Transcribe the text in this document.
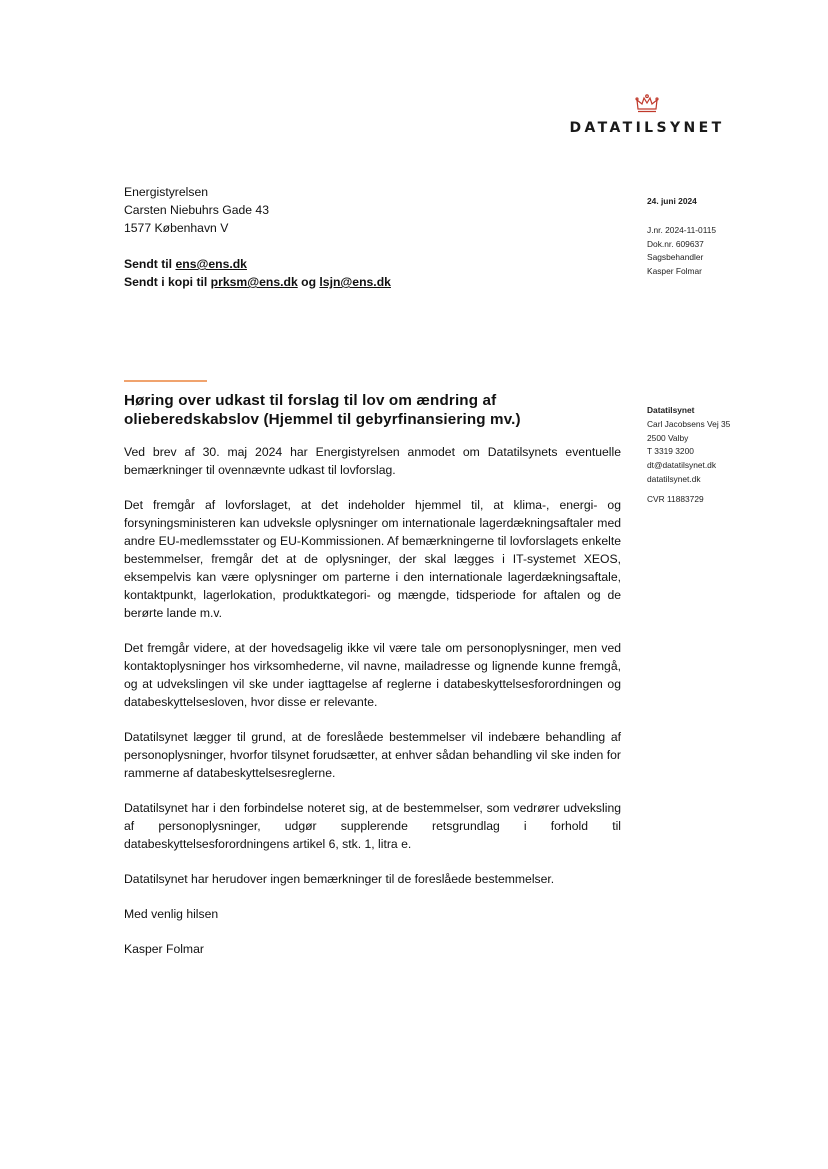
DATATILSYNET
Energistyrelsen
Carsten Niebuhrs Gade 43
1577 København V
Sendt til ens@ens.dk
Sendt i kopi til prksm@ens.dk og lsjn@ens.dk
24. juni 2024
J.nr. 2024-11-0115
Dok.nr. 609637
Sagsbehandler
Kasper Folmar
Datatilsynet
Carl Jacobsens Vej 35
2500 Valby
T 3319 3200
dt@datatilsynet.dk
datatilsynet.dk
CVR 11883729
Høring over udkast til forslag til lov om ændring af olieberedskabslov (Hjemmel til gebyrfinansiering mv.)

Ved brev af 30. maj 2024 har Energistyrelsen anmodet om Datatilsynets eventuelle bemærkninger til ovennævnte udkast til lovforslag.

Det fremgår af lovforslaget, at det indeholder hjemmel til, at klima-, energi- og forsyningsministeren kan udveksle oplysninger om internationale lagerdækningsaftaler med andre EU-medlemsstater og EU-Kommissionen. Af bemærkningerne til lovforslagets enkelte bestemmelser, fremgår det at de oplysninger, der skal lægges i IT-systemet XEOS, eksempelvis kan være oplysninger om parterne i den internationale lagerdækningsaftale, kontaktpunkt, lagerlokation, produktkategori- og mængde, tidsperiode for aftalen og de berørte lande m.v.

Det fremgår videre, at der hovedsagelig ikke vil være tale om personoplysninger, men ved kontaktoplysninger hos virksomhederne, vil navne, mailadresse og lignende kunne fremgå, og at udvekslingen vil ske under iagttagelse af reglerne i databeskyttelsesforordningen og databeskyttelsesloven, hvor disse er relevante.

Datatilsynet lægger til grund, at de foreslåede bestemmelser vil indebære behandling af personoplysninger, hvorfor tilsynet forudsætter, at enhver sådan behandling vil ske inden for rammerne af databeskyttelsesreglerne.

Datatilsynet har i den forbindelse noteret sig, at de bestemmelser, som vedrører udveksling af personoplysninger, udgør supplerende retsgrundlag i forhold til databeskyttelsesforordningens artikel 6, stk. 1, litra e.

Datatilsynet har herudover ingen bemærkninger til de foreslåede bestemmelser.

Med venlig hilsen

Kasper Folmar
